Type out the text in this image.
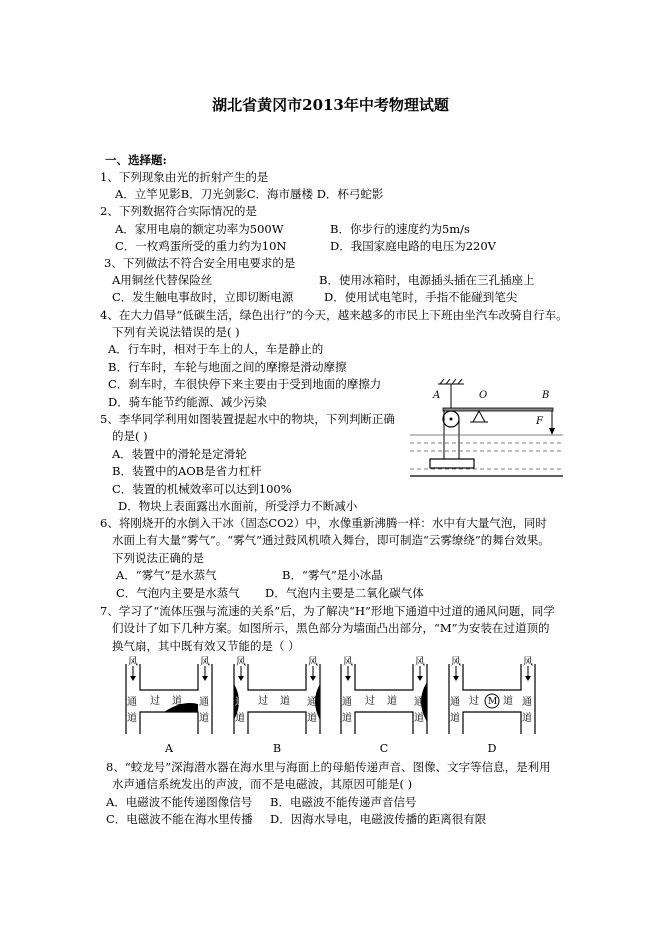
湖北省黄冈市2013年中考物理试题
一、选择题:
1、下列现象由光的折射产生的是
A．立竿见影B．刀光剑影C．海市蜃楼 D．杯弓蛇影
2、下列数据符合实际情况的是
A．家用电扇的额定功率为500W	B．你步行的速度约为5m/s
C．一枚鸡蛋所受的重力约为10N	D．我国家庭电路的电压为220V
3、下列做法不符合安全用电要求的是
A用铜丝代替保险丝	B．使用冰箱时，电源插头插在三孔插座上
C．发生触电事故时，立即切断电源	D．使用试电笔时，手指不能碰到笔尖
4、在大力倡导“低碳生活，绿色出行”的今天，越来越多的市民上下班由坐汽车改骑自行车。
下列有关说法错误的是( )
A．行车时，相对于车上的人，车是静止的
B．行车时，车轮与地面之间的摩擦是滑动摩擦
C．刹车时，车很快停下来主要由于受到地面的摩擦力
D．骑车能节约能源、减少污染
5、李华同学利用如图装置提起水中的物块，下列判断正确
的是( )
A．装置中的滑轮是定滑轮
B．装置中的AOB是省力杠杆
C．装置的机械效率可以达到100%
D．物块上表面露出水面前，所受浮力不断减小
A	O	B
F
6、将刚烧开的水倒入干冰（固态CO2）中，水像重新沸腾一样：水中有大量气泡，同时
水面上有大量“雾气”。“雾气”通过鼓风机喷入舞台，即可制造“云雾缭绕”的舞台效果。
下列说法正确的是
A．“雾气”是水蒸气	B．“雾气”是小冰晶
C．气泡内主要是水蒸气 D．气泡内主要是二氧化碳气体
7、学习了“流体压强与流速的关系”后，为了解决“H”形地下通道中过道的通风问题，同学
们设计了如下几种方案。如图所示，黑色部分为墙面凸出部分，“M”为安装在过道顶的
换气扇，其中既有效又节能的是（ ）
风	风
通
道
通
道
过 道
风	风
通
道
通
道
过 道
风	风
通
道
通
道
过 道
风	风
通
道
通
道
过 M 道
A	B	C	D
8、“蛟龙号”深海潜水器在海水里与海面上的母船传递声音、图像、文字等信息，是利用
水声通信系统发出的声波，而不是电磁波，其原因可能是( )
A．电磁波不能传递图像信号 B．电磁波不能传递声音信号
C．电磁波不能在海水里传播 D．因海水导电，电磁波传播的距离很有限
